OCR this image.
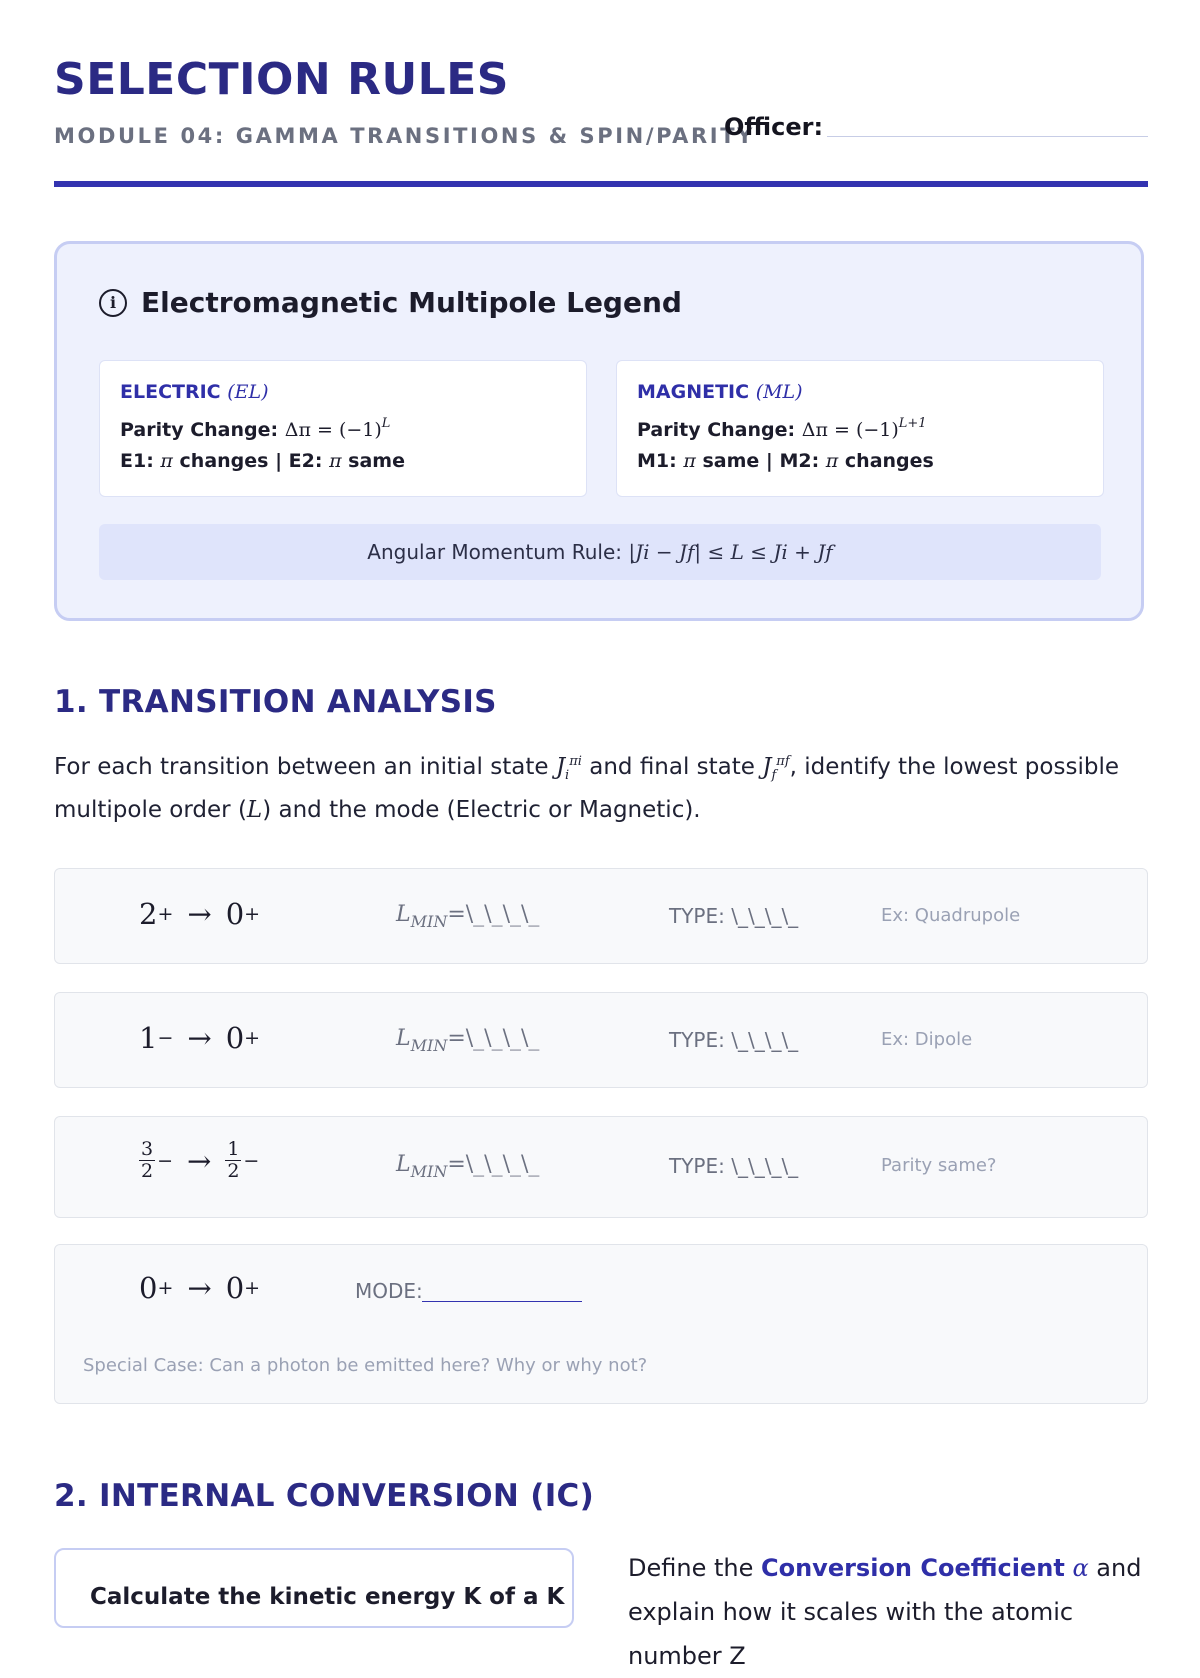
SELECTION RULES
MODULE 04: GAMMA TRANSITIONS & SPIN/PARITY
Officer:
i Electromagnetic Multipole Legend
ELECTRIC (EL)
Parity Change: $\Delta\pi = (-1)^L$
E1: π changes | E2: π same
MAGNETIC (ML)
Parity Change: $\Delta\pi = (-1)^{L+1}$
M1: π same | M2: π changes
Angular Momentum Rule: |Ji − Jf| ≤ L ≤ Ji + Jf
1. TRANSITION ANALYSIS

For each transition between an initial state $J_i^{\pi i}$ and final state $J_f^{\pi f}$, identify the lowest possible multipole order (L) and the mode (Electric or Magnetic).

2 + → 0 +	$L_{MIN}=\backslash\_\backslash\_\backslash\_\backslash\_$	TYPE: \_\_\_\_	Ex: Quadrupole
1 − → 0 +	$L_{MIN}=\backslash\_\backslash\_\backslash\_\backslash\_$	TYPE: \_\_\_\_	Ex: Dipole
$\frac{3}{2}$ − → $\frac{1}{2}$ −	$L_{MIN}=\backslash\_\backslash\_\backslash\_\backslash\_$	TYPE: \_\_\_\_	Parity same?
0 + → 0 +	MODE:
Special Case: Can a photon be emitted here? Why or why not?
2. INTERNAL CONVERSION (IC)
Calculate the kinetic energy K of a K

Define the Conversion Coefficient α and explain how it scales with the atomic number Z
